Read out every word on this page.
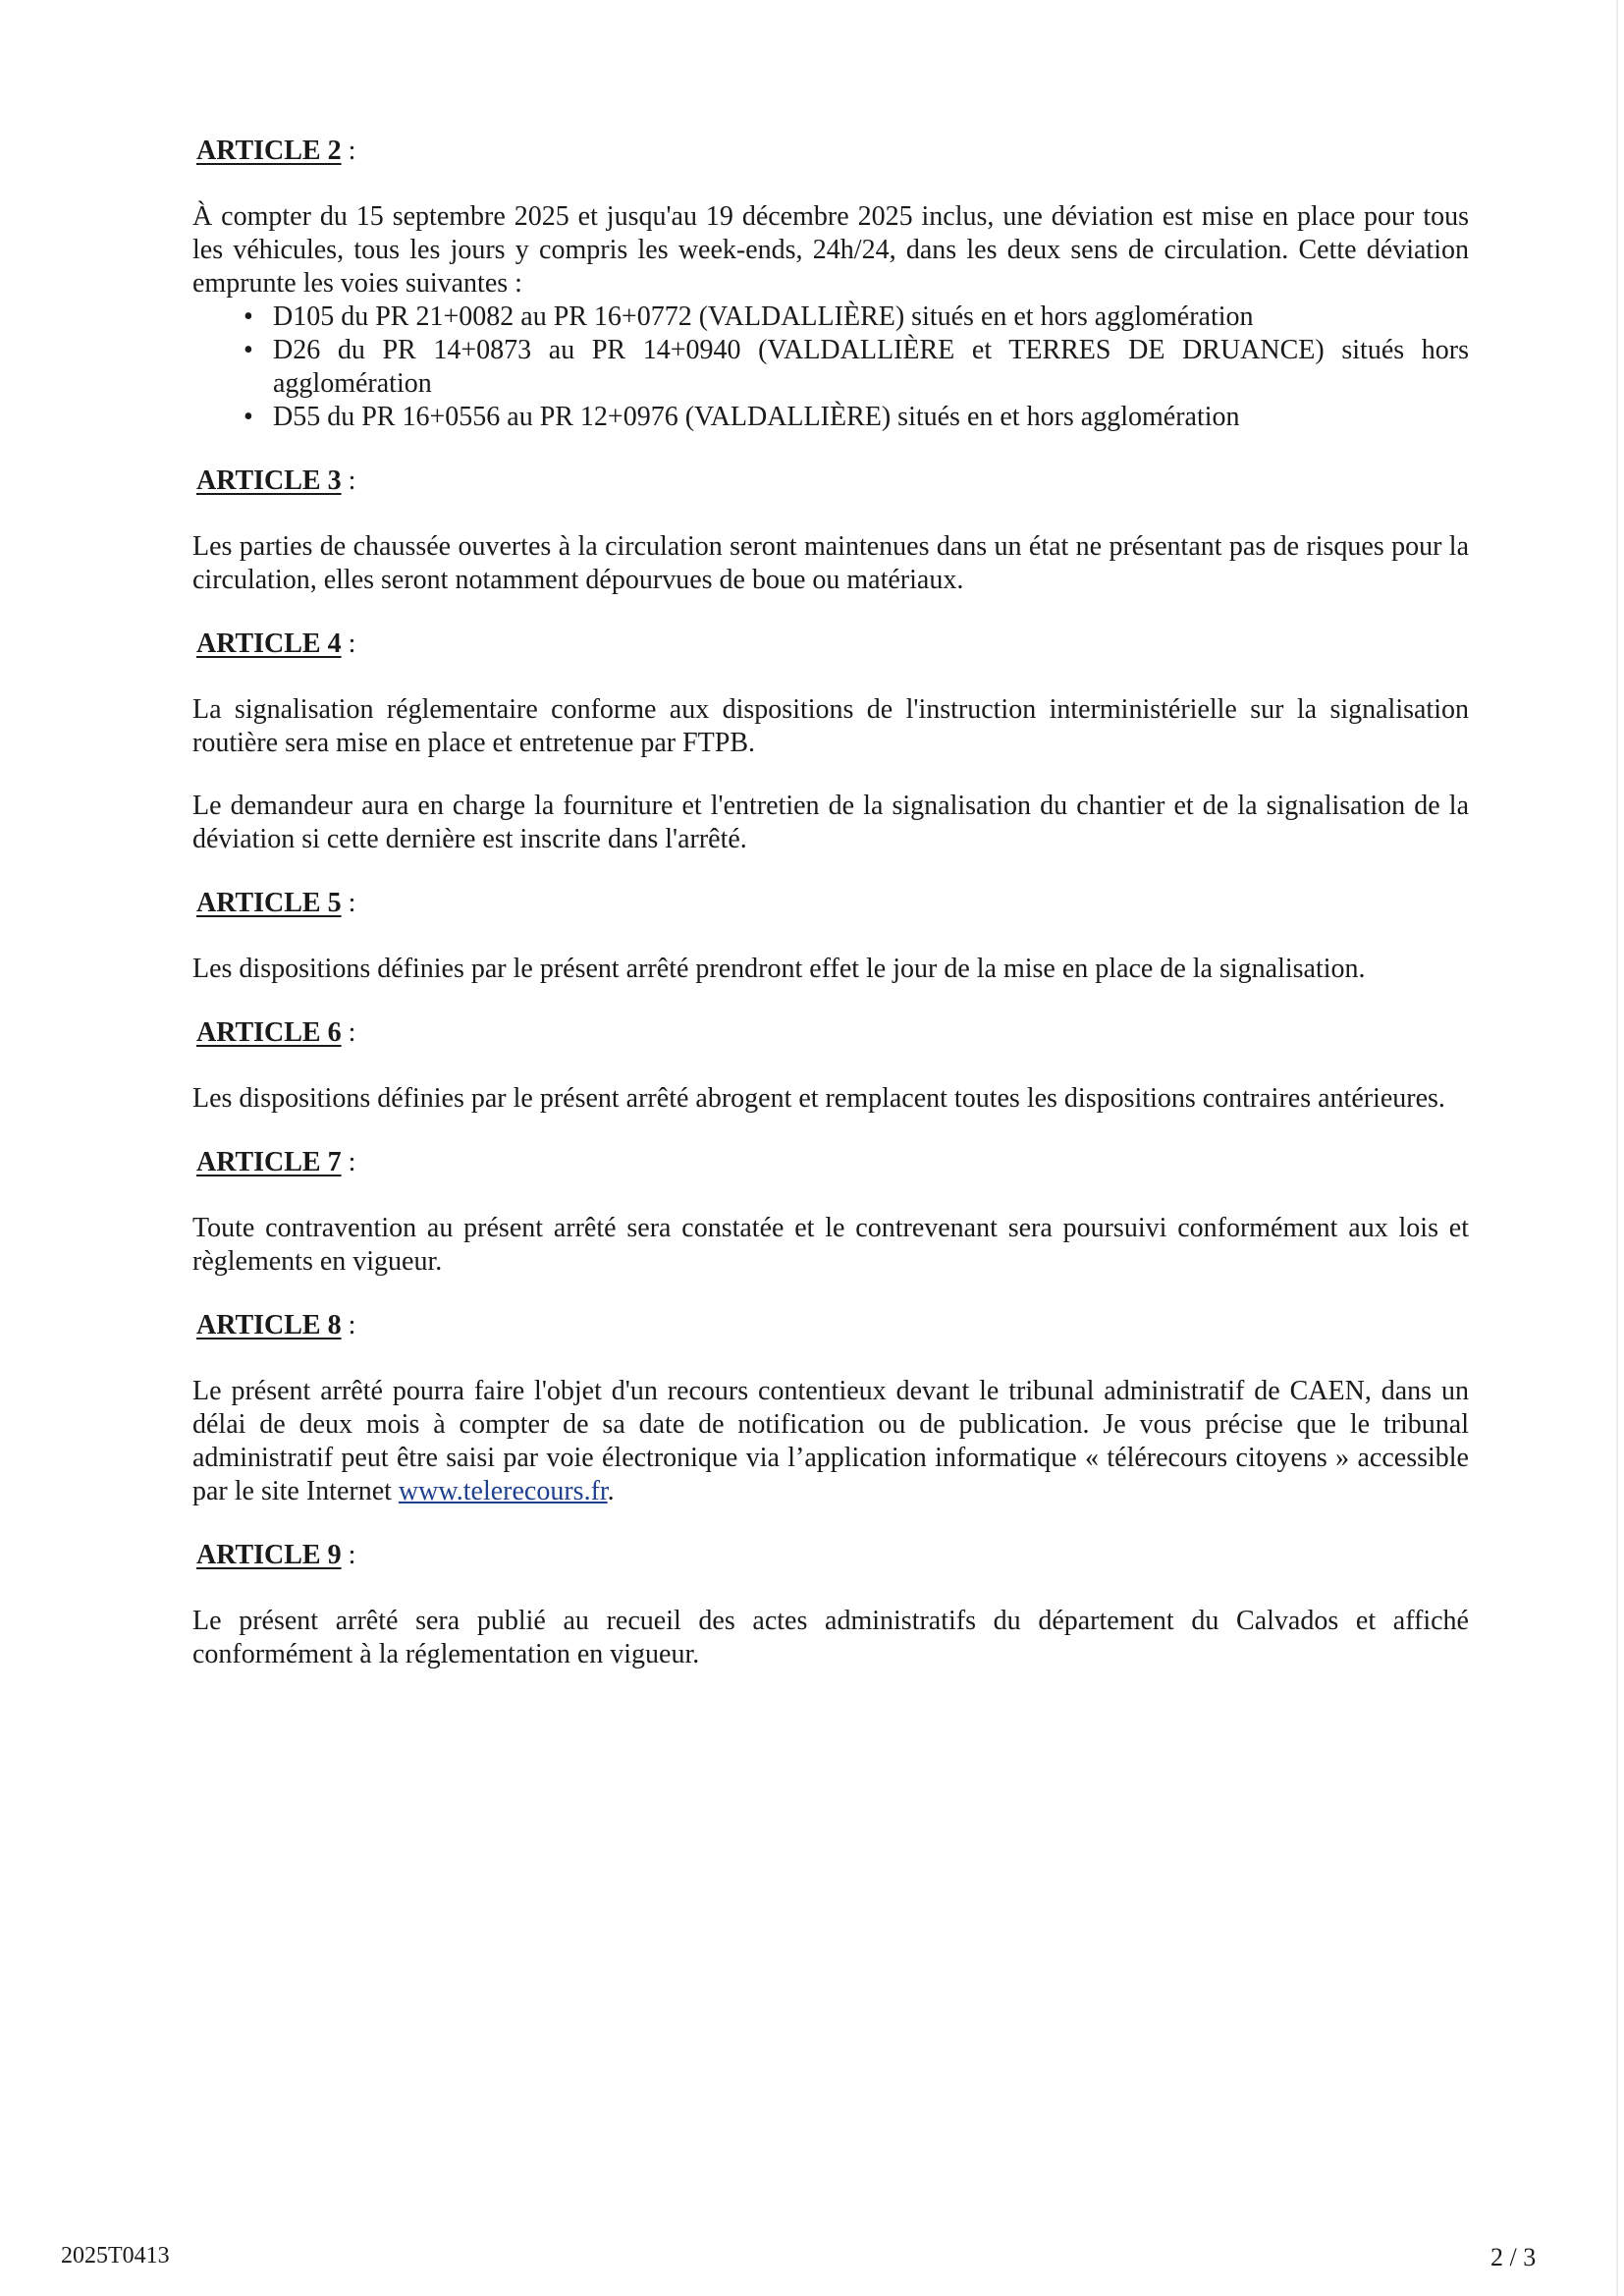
ARTICLE 2 :

À compter du 15 septembre 2025 et jusqu'au 19 décembre 2025 inclus, une déviation est mise en place pour tous les véhicules, tous les jours y compris les week-ends, 24h/24, dans les deux sens de circulation. Cette déviation emprunte les voies suivantes :

• D105 du PR 21+0082 au PR 16+0772 (VALDALLIÈRE) situés en et hors agglomération
• D26 du PR 14+0873 au PR 14+0940 (VALDALLIÈRE et TERRES DE DRUANCE) situés hors agglomération
• D55 du PR 16+0556 au PR 12+0976 (VALDALLIÈRE) situés en et hors agglomération
ARTICLE 3 :

Les parties de chaussée ouvertes à la circulation seront maintenues dans un état ne présentant pas de risques pour la circulation, elles seront notamment dépourvues de boue ou matériaux.

ARTICLE 4 :

La signalisation réglementaire conforme aux dispositions de l'instruction interministérielle sur la signalisation routière sera mise en place et entretenue par FTPB.

Le demandeur aura en charge la fourniture et l'entretien de la signalisation du chantier et de la signalisation de la déviation si cette dernière est inscrite dans l'arrêté.

ARTICLE 5 :

Les dispositions définies par le présent arrêté prendront effet le jour de la mise en place de la signalisation.

ARTICLE 6 :

Les dispositions définies par le présent arrêté abrogent et remplacent toutes les dispositions contraires antérieures.

ARTICLE 7 :

Toute contravention au présent arrêté sera constatée et le contrevenant sera poursuivi conformément aux lois et règlements en vigueur.

ARTICLE 8 :

Le présent arrêté pourra faire l'objet d'un recours contentieux devant le tribunal administratif de CAEN, dans un délai de deux mois à compter de sa date de notification ou de publication. Je vous précise que le tribunal administratif peut être saisi par voie électronique via l’application informatique « télérecours citoyens » accessible par le site Internet www.telerecours.fr.

ARTICLE 9 :

Le présent arrêté sera publié au recueil des actes administratifs du département du Calvados et affiché conformément à la réglementation en vigueur.

2025T0413	2 / 3
